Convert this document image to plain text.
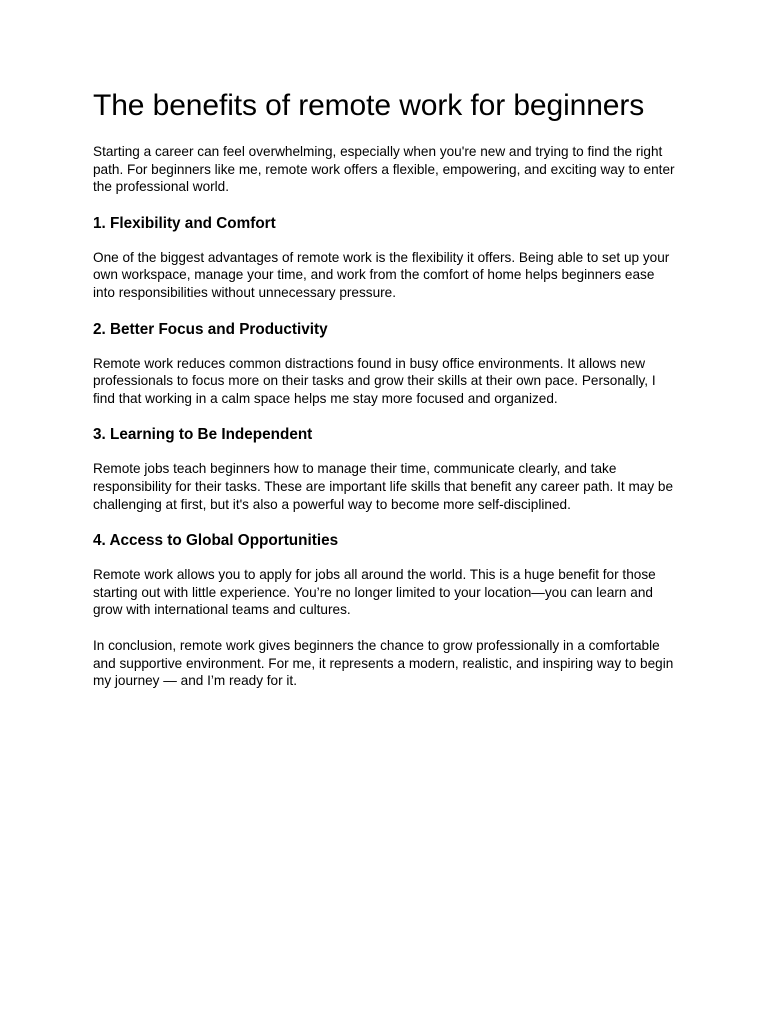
The benefits of remote work for beginners

Starting a career can feel overwhelming, especially when you're new and trying to find the right path. For beginners like me, remote work offers a flexible, empowering, and exciting way to enter the professional world.

1. Flexibility and Comfort

One of the biggest advantages of remote work is the flexibility it offers. Being able to set up your own workspace, manage your time, and work from the comfort of home helps beginners ease into responsibilities without unnecessary pressure.

2. Better Focus and Productivity

Remote work reduces common distractions found in busy office environments. It allows new professionals to focus more on their tasks and grow their skills at their own pace. Personally, I find that working in a calm space helps me stay more focused and organized.

3. Learning to Be Independent

Remote jobs teach beginners how to manage their time, communicate clearly, and take responsibility for their tasks. These are important life skills that benefit any career path. It may be challenging at first, but it's also a powerful way to become more self-disciplined.

4. Access to Global Opportunities

Remote work allows you to apply for jobs all around the world. This is a huge benefit for those starting out with little experience. You’re no longer limited to your location—you can learn and grow with international teams and cultures.

In conclusion, remote work gives beginners the chance to grow professionally in a comfortable and supportive environment. For me, it represents a modern, realistic, and inspiring way to begin my journey — and I’m ready for it.
